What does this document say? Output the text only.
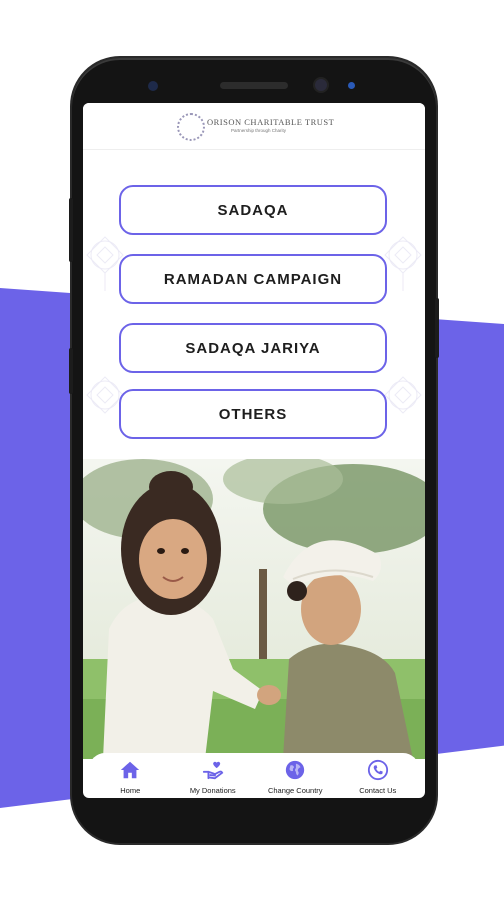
ORISON CHARITABLE TRUST
Partnership through Charity
SADAQA
RAMADAN CAMPAIGN
SADAQA JARIYA
OTHERS
Home	My Donations	Change Country	Contact Us
